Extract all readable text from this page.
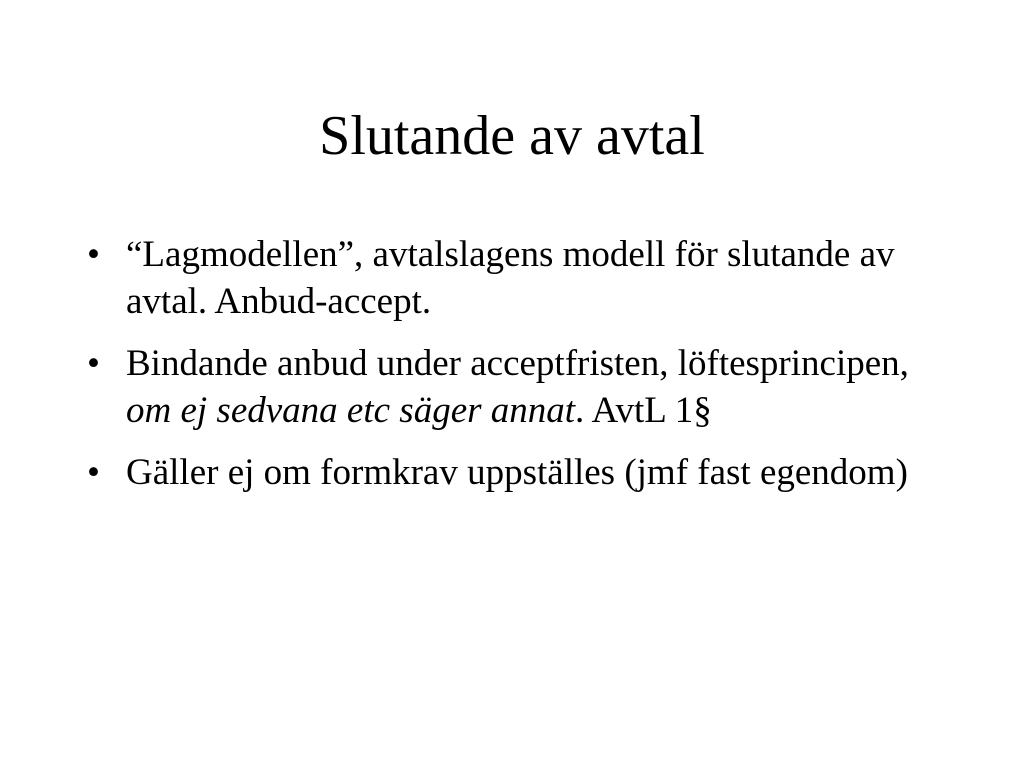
Slutande av avtal
• “Lagmodellen”, avtalslagens modell för slutande av avtal. Anbud-accept.
• Bindande anbud under acceptfristen, löftesprincipen, om ej sedvana etc säger annat. AvtL 1§
• Gäller ej om formkrav uppställes (jmf fast egendom)
